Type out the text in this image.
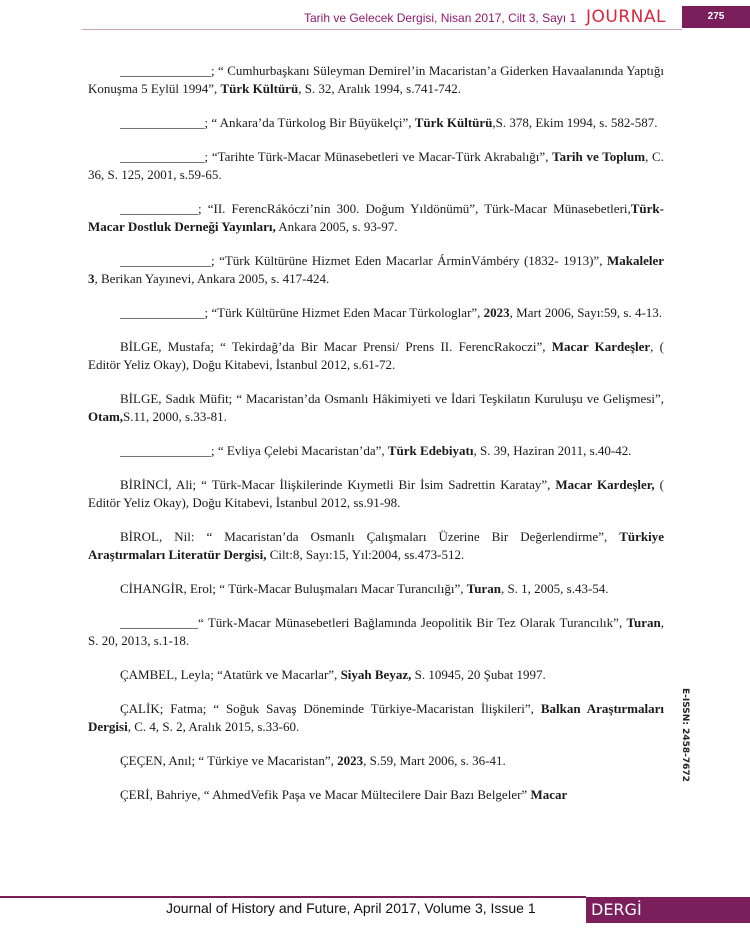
Tarih ve Gelecek Dergisi, Nisan 2017, Cilt 3, Sayı 1 JOURNAL	275

______________; “ Cumhurbaşkanı Süleyman Demirel’in Macaristan’a Giderken Havaalanında Yaptığı Konuşma 5 Eylül 1994”, Türk Kültürü, S. 32, Aralık 1994, s.741-742.

_____________; “ Ankara’da Türkolog Bir Büyükelçi”, Türk Kültürü,S. 378, Ekim 1994, s. 582-587.

_____________; “Tarihte Türk-Macar Münasebetleri ve Macar-Türk Akrabalığı”, Tarih ve Toplum, C. 36, S. 125, 2001, s.59-65.

____________; “II. FerencRákóczi’nin 300. Doğum Yıldönümü”, Türk-Macar Münasebetleri,Türk-Macar Dostluk Derneği Yayınları, Ankara 2005, s. 93-97.

______________; “Türk Kültürüne Hizmet Eden Macarlar ÁrminVámbéry (1832- 1913)”, Makaleler 3, Berikan Yayınevi, Ankara 2005, s. 417-424.

_____________; “Türk Kültürüne Hizmet Eden Macar Türkologlar”, 2023, Mart 2006, Sayı:59, s. 4-13.

BİLGE, Mustafa; “ Tekirdağ’da Bir Macar Prensi/ Prens II. FerencRakoczi”, Macar Kardeşler, ( Editör Yeliz Okay), Doğu Kitabevi, İstanbul 2012, s.61-72.

BİLGE, Sadık Müfit; “ Macaristan’da Osmanlı Hâkimiyeti ve İdari Teşkilatın Kuruluşu ve Gelişmesi”, Otam,S.11, 2000, s.33-81.

______________; “ Evliya Çelebi Macaristan’da”, Türk Edebiyatı, S. 39, Haziran 2011, s.40-42.

BİRİNCİ, Ali; “ Türk-Macar İlişkilerinde Kıymetli Bir İsim Sadrettin Karatay”, Macar Kardeşler, ( Editör Yeliz Okay), Doğu Kitabevi, İstanbul 2012, ss.91-98.

BİROL, Nil: “ Macaristan’da Osmanlı Çalışmaları Üzerine Bir Değerlendirme”, Türkiye Araştırmaları Literatür Dergisi, Cilt:8, Sayı:15, Yıl:2004, ss.473-512.

CİHANGİR, Erol; “ Türk-Macar Buluşmaları Macar Turancılığı”, Turan, S. 1, 2005, s.43-54.

____________“ Türk-Macar Münasebetleri Bağlamında Jeopolitik Bir Tez Olarak Turancılık”, Turan, S. 20, 2013, s.1-18.

ÇAMBEL, Leyla; “Atatürk ve Macarlar”, Siyah Beyaz, S. 10945, 20 Şubat 1997.

ÇALİK; Fatma; “ Soğuk Savaş Döneminde Türkiye-Macaristan İlişkileri”, Balkan Araştırmaları Dergisi, C. 4, S. 2, Aralık 2015, s.33-60.

ÇEÇEN, Anıl; “ Türkiye ve Macaristan”, 2023, S.59, Mart 2006, s. 36-41.

ÇERİ, Bahriye, “ AhmedVefik Paşa ve Macar Mültecilere Dair Bazı Belgeler” Macar

E-ISSN: 2458-7672
Journal of History and Future, April 2017, Volume 3, Issue 1	DERGİ
